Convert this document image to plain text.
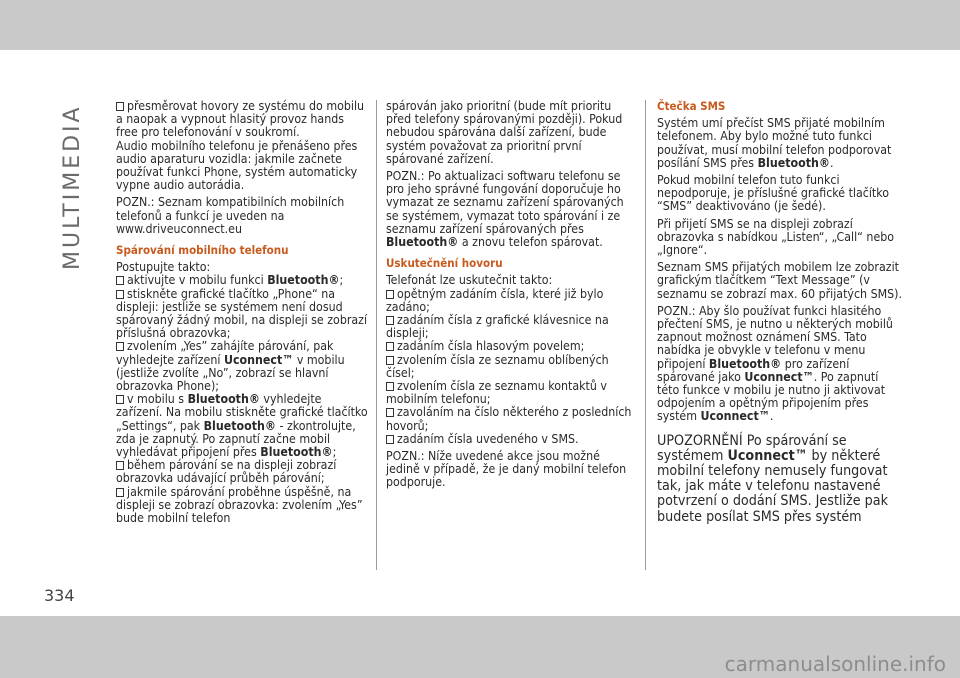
MULTIMEDIA	přesměrovat hovory ze systému do mobilu a naopak a vypnout hlasitý provoz hands free pro telefonování v soukromí.

Audio mobilního telefonu je přenášeno přes audio aparaturu vozidla: jakmile začnete používat funkci Phone, systém automaticky vypne audio autorádia.

POZN.: Seznam kompatibilních mobilních telefonů a funkcí je uveden na www.driveuconnect.eu

Spárování mobilního telefonu

Postupujte takto:

aktivujte v mobilu funkci Bluetooth®;

stiskněte grafické tlačítko „Phone“ na displeji: jestliže se systémem není dosud spárovaný žádný mobil, na displeji se zobrazí příslušná obrazovka;

zvolením „Yes” zahájíte párování, pak vyhledejte zařízení Uconnect™ v mobilu (jestliže zvolíte „No”, zobrazí se hlavní obrazovka Phone);

v mobilu s Bluetooth® vyhledejte zařízení. Na mobilu stiskněte grafické tlačítko „Settings“, pak Bluetooth® - zkontrolujte, zda je zapnutý. Po zapnutí začne mobil vyhledávat připojení přes Bluetooth®;

během párování se na displeji zobrazí obrazovka udávající průběh párování;

jakmile spárování proběhne úspěšně, na displeji se zobrazí obrazovka: zvolením „Yes” bude mobilní telefon

spárován jako prioritní (bude mít prioritu před telefony spárovanými později). Pokud nebudou spárována další zařízení, bude systém považovat za prioritní první spárované zařízení.

POZN.: Po aktualizaci softwaru telefonu se pro jeho správné fungování doporučuje ho vymazat ze seznamu zařízení spárovaných se systémem, vymazat toto spárování i ze seznamu zařízení spárovaných přes Bluetooth® a znovu telefon spárovat.

Uskutečnění hovoru

Telefonát lze uskutečnit takto:

opětným zadáním čísla, které již bylo zadáno;

zadáním čísla z grafické klávesnice na displeji;

zadáním čísla hlasovým povelem;

zvolením čísla ze seznamu oblíbených čísel;

zvolením čísla ze seznamu kontaktů v mobilním telefonu;

zavoláním na číslo některého z posledních hovorů;

zadáním čísla uvedeného v SMS.

POZN.: Níže uvedené akce jsou možné jedině v případě, že je daný mobilní telefon podporuje.

Čtečka SMS

Systém umí přečíst SMS přijaté mobilním telefonem. Aby bylo možné tuto funkci používat, musí mobilní telefon podporovat posílání SMS přes Bluetooth®.

Pokud mobilní telefon tuto funkci nepodporuje, je příslušné grafické tlačítko “SMS” deaktivováno (je šedé).

Při přijetí SMS se na displeji zobrazí obrazovka s nabídkou „Listen“, „Call“ nebo „Ignore“.

Seznam SMS přijatých mobilem lze zobrazit grafickým tlačítkem “Text Message” (v seznamu se zobrazí max. 60 přijatých SMS).

POZN.: Aby šlo používat funkci hlasitého přečtení SMS, je nutno u některých mobilů zapnout možnost oznámení SMS. Tato nabídka je obvykle v telefonu v menu připojení Bluetooth® pro zařízení spárované jako Uconnect™. Po zapnutí této funkce v mobilu je nutno ji aktivovat odpojením a opětným připojením přes systém Uconnect™.

UPOZORNĚNÍ Po spárování se systémem Uconnect™ by některé mobilní telefony nemusely fungovat tak, jak máte v telefonu nastavené potvrzení o dodání SMS. Jestliže pak budete posílat SMS přes systém

334
carmanualsonline.info
